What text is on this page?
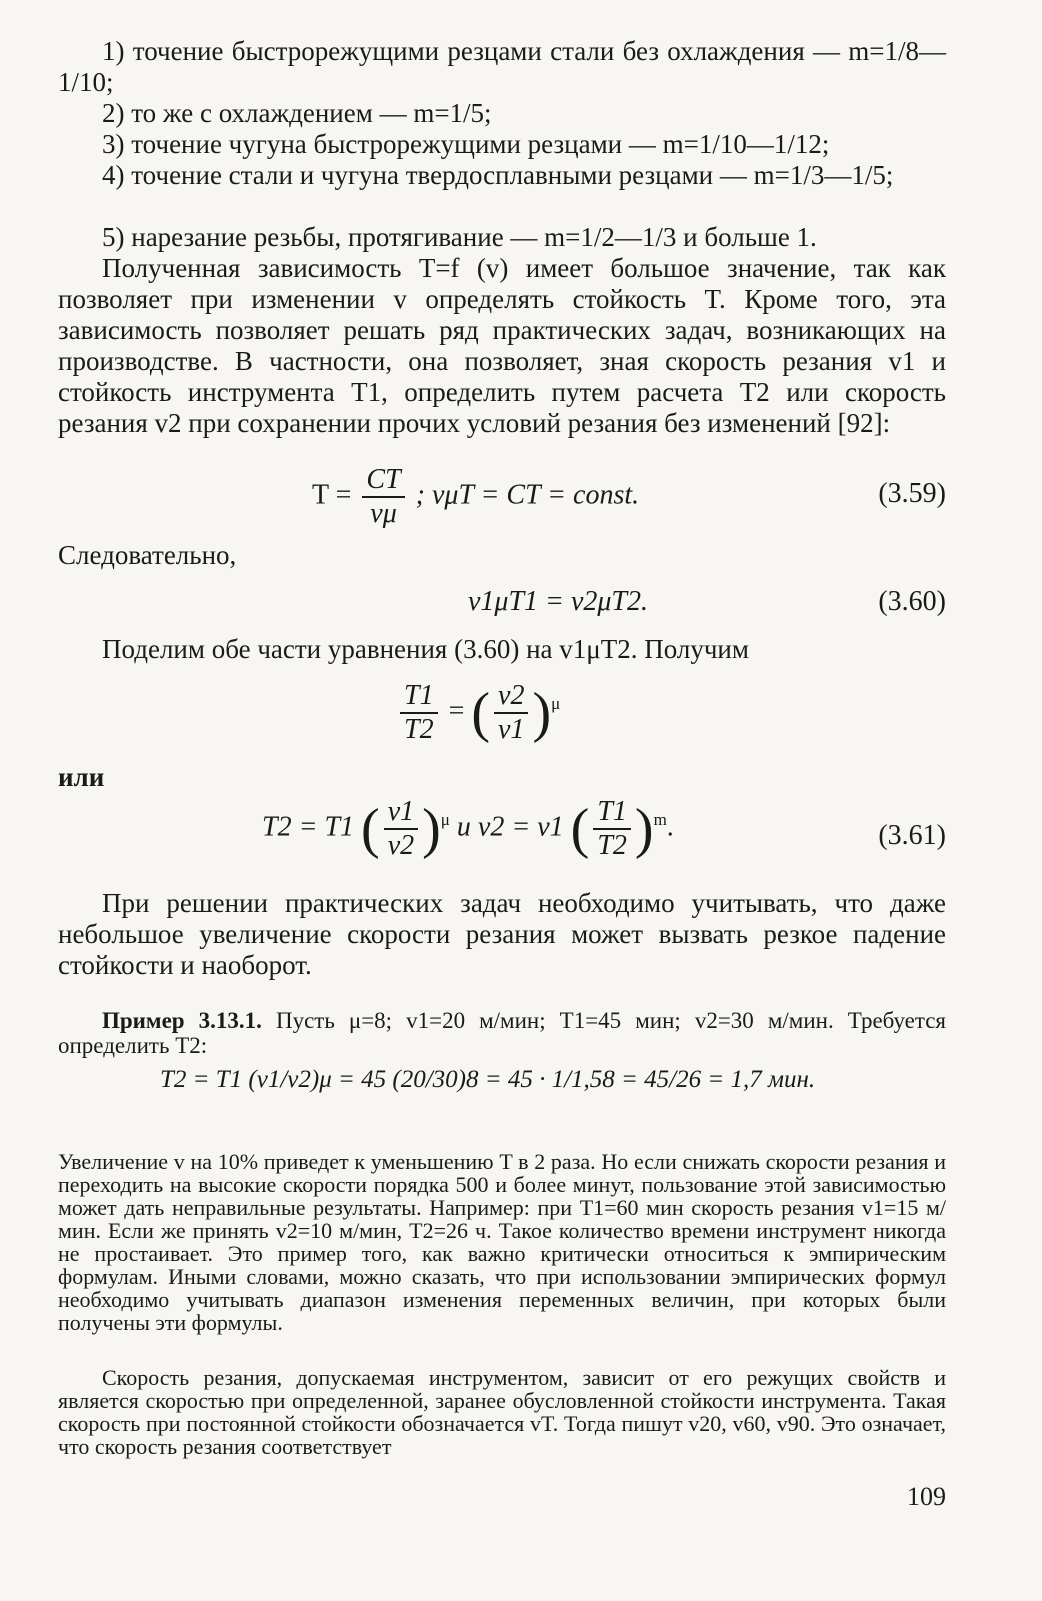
1) точение быстрорежущими резцами стали без охлаждения — m=1/8—1/10;
2) то же с охлаждением — m=1/5;
3) точение чугуна быстрорежущими резцами — m=1/10—1/12;
4) точение стали и чугуна твердосплавными резцами — m=1/3—1/5;
5) нарезание резьбы, протягивание — m=1/2—1/3 и больше 1.
Полученная зависимость T=f (v) имеет большое значение, так как позволяет при изменении v определять стойкость T. Кроме того, эта зависимость позволяет решать ряд практических задач, возникающих на производстве. В частности, она позволяет, зная скорость резания v1 и стойкость инструмента T1, определить путем расчета T2 или скорость резания v2 при сохранении прочих условий резания без изменений [92]:
$T = \frac{CT}{v\mu}$ ; vμT = CT = const.	(3.59)
Следовательно,
v1μT1 = v2μT2.	(3.60)
Поделим обе части уравнения (3.60) на v1μT2. Получим
$\frac{T1}{T2}$ = ( $\frac{v2}{v1} )^\mu$
или
T2 = T1 ( $\frac{v1}{v2} )^\mu$ и v2 = v1 ( $\frac{T1}{T2} )^m$.	(3.61)
При решении практических задач необходимо учитывать, что даже небольшое увеличение скорости резания может вызвать резкое падение стойкости и наоборот.
Пример 3.13.1. Пусть μ=8; v1=20 м/мин; T1=45 мин; v2=30 м/мин. Требуется определить T2:
T2 = T1 (v1/v2)μ = 45 (20/30)8 = 45 · 1/1,58 = 45/26 = 1,7 мин.
Увеличение v на 10% приведет к уменьшению T в 2 раза. Но если снижать скорости резания и переходить на высокие скорости порядка 500 и более минут, пользование этой зависимостью может дать неправильные результаты. Например: при T1=60 мин скорость резания v1=15 м/мин. Если же принять v2=10 м/мин, T2=26 ч. Такое количество времени инструмент никогда не простаивает. Это пример того, как важно критически относиться к эмпирическим формулам. Иными словами, можно сказать, что при использовании эмпирических формул необходимо учитывать диапазон изменения переменных величин, при которых были получены эти формулы.
Скорость резания, допускаемая инструментом, зависит от его режущих свойств и является скоростью при определенной, заранее обусловленной стойкости инструмента. Такая скорость при постоянной стойкости обозначается vT. Тогда пишут v20, v60, v90. Это означает, что скорость резания соответствует
109
